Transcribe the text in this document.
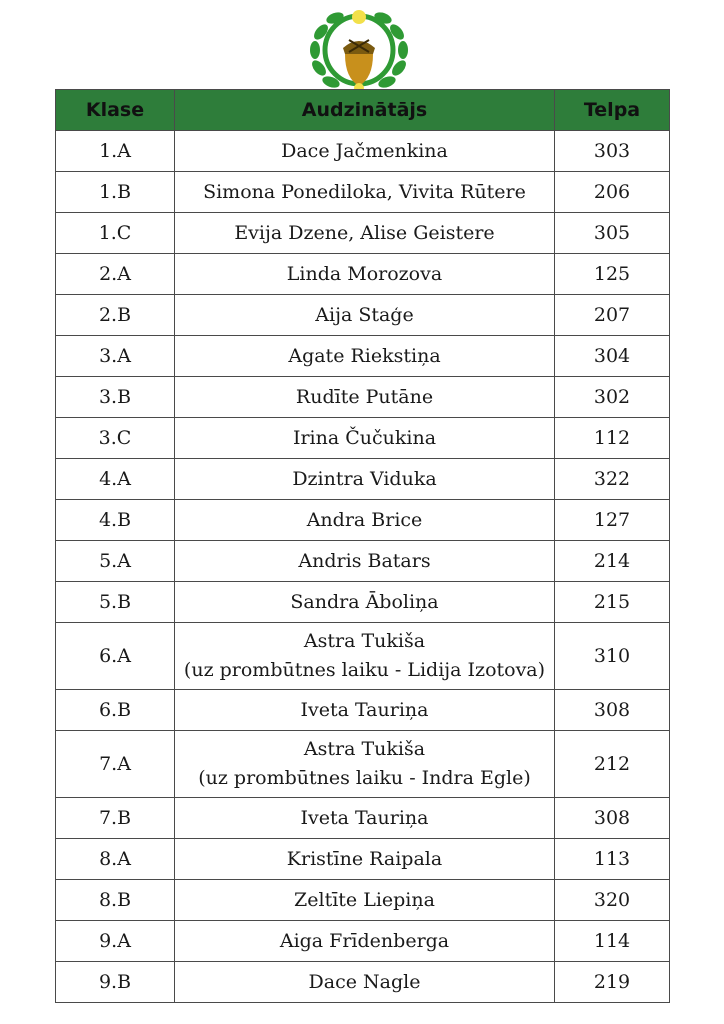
Klase	Audzinātājs	Telpa
1.A	Dace Jačmenkina	303
1.B	Simona Ponediloka, Vivita Rūtere	206
1.C	Evija Dzene, Alise Geistere	305
2.A	Linda Morozova	125
2.B	Aija Staģe	207
3.A	Agate Riekstiņa	304
3.B	Rudīte Putāne	302
3.C	Irina Čučukina	112
4.A	Dzintra Viduka	322
4.B	Andra Brice	127
5.A	Andris Batars	214
5.B	Sandra Āboliņa	215
6.A	Astra Tukiša
(uz prombūtnes laiku - Lidija Izotova)	310
6.B	Iveta Tauriņa	308
7.A	Astra Tukiša
(uz prombūtnes laiku - Indra Egle)	212
7.B	Iveta Tauriņa	308
8.A	Kristīne Raipala	113
8.B	Zeltīte Liepiņa	320
9.A	Aiga Frīdenberga	114
9.B	Dace Nagle	219
